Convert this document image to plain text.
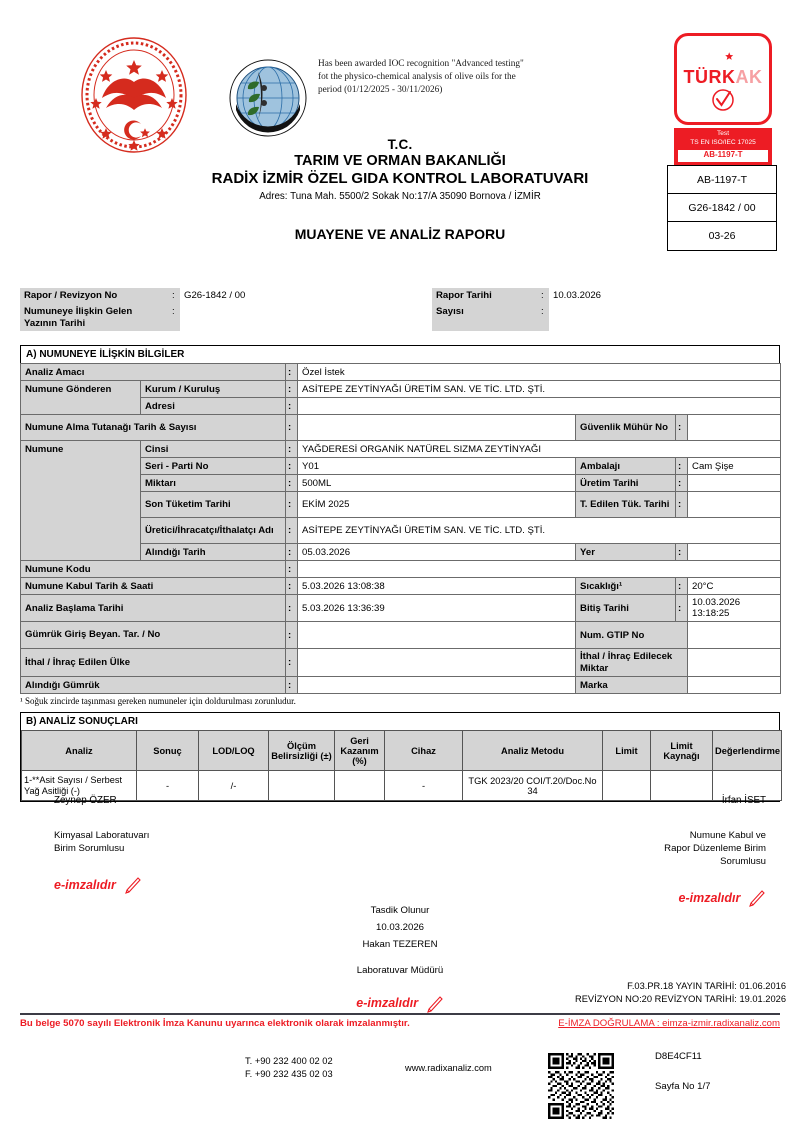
Has been awarded IOC recognition "Advanced testing" fot the physico-chemical analysis of olive oils for the period (01/12/2025 - 30/11/2026)
TÜRKAK
Test
TS EN ISO/IEC 17025
AB-1197-T
AB-1197-T
G26-1842 / 00
03-26
T.C.
TARIM VE ORMAN BAKANLIĞI
RADİX İZMİR ÖZEL GIDA KONTROL LABORATUVARI
Adres: Tuna Mah. 5500/2 Sokak No:17/A 35090 Bornova / İZMİR
MUAYENE VE ANALİZ RAPORU
Rapor / Revizyon No	:	G26-1842 / 00		Rapor Tarihi	:	10.03.2026
Numuneye İlişkin Gelen Yazının Tarihi	:			Sayısı	:	
A) NUMUNEYE İLİŞKİN BİLGİLER
Analiz Amacı		:	Özel İstek			
Numune Gönderen	Kurum / Kuruluş	:	ASİTEPE ZEYTİNYAĞI ÜRETİM SAN. VE TİC. LTD. ŞTİ.			
	Adresi	:				
Numune Alma Tutanağı Tarih & Sayısı		:		Güvenlik Mühür No	:	
Numune	Cinsi	:	YAĞDERESİ ORGANİK NATÜREL SIZMA ZEYTİNYAĞI			
	Seri - Parti No	:	Y01	Ambalajı	:	Cam Şişe
	Miktarı	:	500ML	Üretim Tarihi	:	
	Son Tüketim Tarihi	:	EKİM 2025	T. Edilen Tük. Tarihi	:	
	Üretici/İhracatçı/İthalatçı Adı	:	ASİTEPE ZEYTİNYAĞI ÜRETİM SAN. VE TİC. LTD. ŞTİ.			
	Alındığı Tarih	:	05.03.2026	Yer	:	
Numune Kodu		:				
Numune Kabul Tarih & Saati		:	5.03.2026 13:08:38	Sıcaklığı¹	:	20°C
Analiz Başlama Tarihi		:	5.03.2026 13:36:39	Bitiş Tarihi	:	10.03.2026 13:18:25
Gümrük Giriş Beyan. Tar. / No		:		Num. GTIP No		
İthal / İhraç Edilen Ülke		:		İthal / İhraç Edilecek Miktar		
Alındığı Gümrük		:		Marka		
¹ Soğuk zincirde taşınması gereken numuneler için doldurulması zorunludur.
B) ANALİZ SONUÇLARI
Analiz	Sonuç	LOD/LOQ	Ölçüm Belirsizliği (±)	Geri Kazanım (%)	Cihaz	Analiz Metodu	Limit	Limit Kaynağı	Değerlendirme
1-**Asit Sayısı / Serbest Yağ Asitliği (-)	-	/-			-	TGK 2023/20 COI/T.20/Doc.No 34			
Zeynep ÖZER
Kimyasal Laboratuvarı
Birim Sorumlusu
e-imzalıdır
İrfan İSET
Numune Kabul ve
Rapor Düzenleme Birim
Sorumlusu
e-imzalıdır
Tasdik Olunur
10.03.2026
Hakan TEZEREN
Laboratuvar Müdürü
e-imzalıdır
F.03.PR.18 YAYIN TARİHİ: 01.06.2016
REVİZYON NO:20 REVİZYON TARİHİ: 19.01.2026
Bu belge 5070 sayılı Elektronik İmza Kanunu uyarınca elektronik olarak imzalanmıştır.	E-İMZA DOĞRULAMA : eimza-izmir.radixanaliz.com
T. +90 232 400 02 02
F. +90 232 435 02 03
www.radixanaliz.com
D8E4CF11
Sayfa No 1/7
